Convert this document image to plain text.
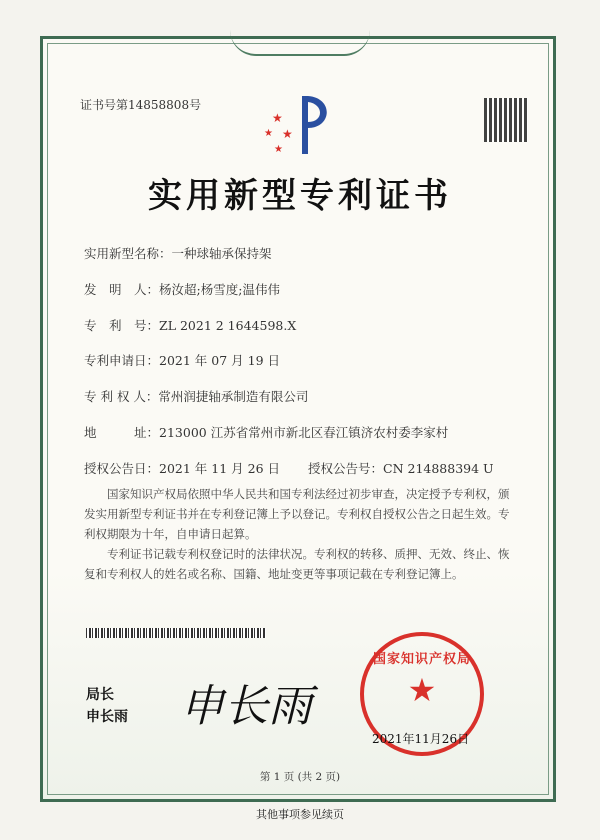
证书号第14858808号
★
★ ★
★
实用新型专利证书
实用新型名称：一种球轴承保持架
发　明　人：杨汝超;杨雪度;温伟伟
专　利　号：ZL 2021 2 1644598.X
专利申请日：2021 年 07 月 19 日
专 利 权 人：常州润捷轴承制造有限公司
地　　　址：213000 江苏省常州市新北区春江镇济农村委李家村
授权公告日：2021 年 11 月 26 日 授权公告号：CN 214888394 U

国家知识产权局依照中华人民共和国专利法经过初步审查，决定授予专利权，颁发实用新型专利证书并在专利登记簿上予以登记。专利权自授权公告之日起生效。专利权期限为十年，自申请日起算。

专利证书记载专利权登记时的法律状况。专利权的转移、质押、无效、终止、恢复和专利权人的姓名或名称、国籍、地址变更等事项记载在专利登记簿上。

局长
申长雨 申长雨
国家知识产权局
★
2021年11月26日
第 1 页 (共 2 页)
其他事项参见续页
